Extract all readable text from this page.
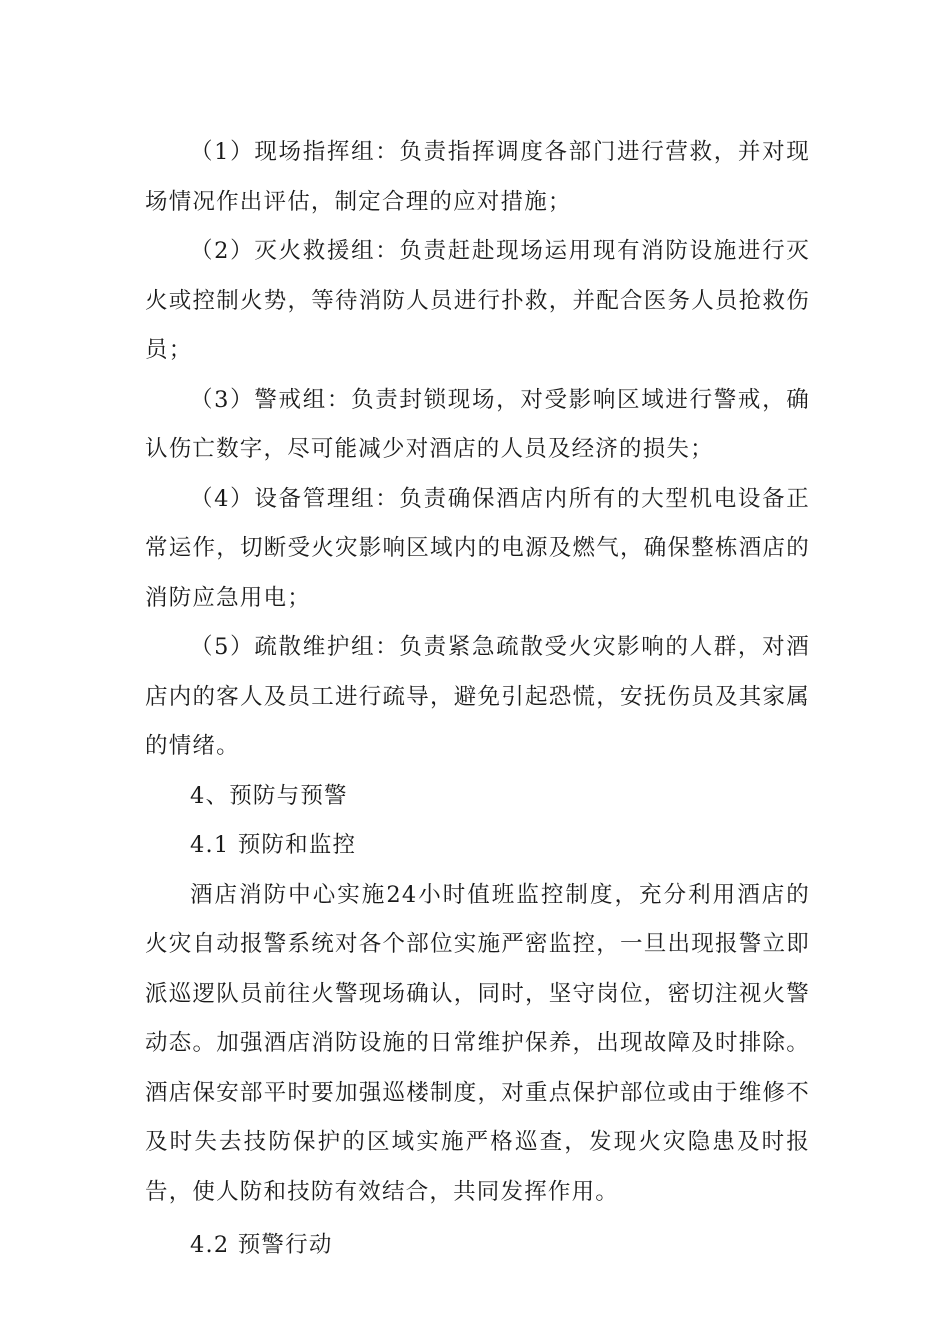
（1）现场指挥组：负责指挥调度各部门进行营救，并对现场情况作出评估，制定合理的应对措施；

（2）灭火救援组：负责赶赴现场运用现有消防设施进行灭火或控制火势，等待消防人员进行扑救，并配合医务人员抢救伤员；

（3）警戒组：负责封锁现场，对受影响区域进行警戒，确认伤亡数字，尽可能减少对酒店的人员及经济的损失；

（4）设备管理组：负责确保酒店内所有的大型机电设备正常运作，切断受火灾影响区域内的电源及燃气，确保整栋酒店的消防应急用电；

（5）疏散维护组：负责紧急疏散受火灾影响的人群，对酒店内的客人及员工进行疏导，避免引起恐慌，安抚伤员及其家属的情绪。

4、预防与预警

4.1 预防和监控

酒店消防中心实施24小时值班监控制度，充分利用酒店的火灾自动报警系统对各个部位实施严密监控，一旦出现报警立即派巡逻队员前往火警现场确认，同时，坚守岗位，密切注视火警动态。加强酒店消防设施的日常维护保养，出现故障及时排除。酒店保安部平时要加强巡楼制度，对重点保护部位或由于维修不及时失去技防保护的区域实施严格巡查，发现火灾隐患及时报告，使人防和技防有效结合，共同发挥作用。

4.2 预警行动
